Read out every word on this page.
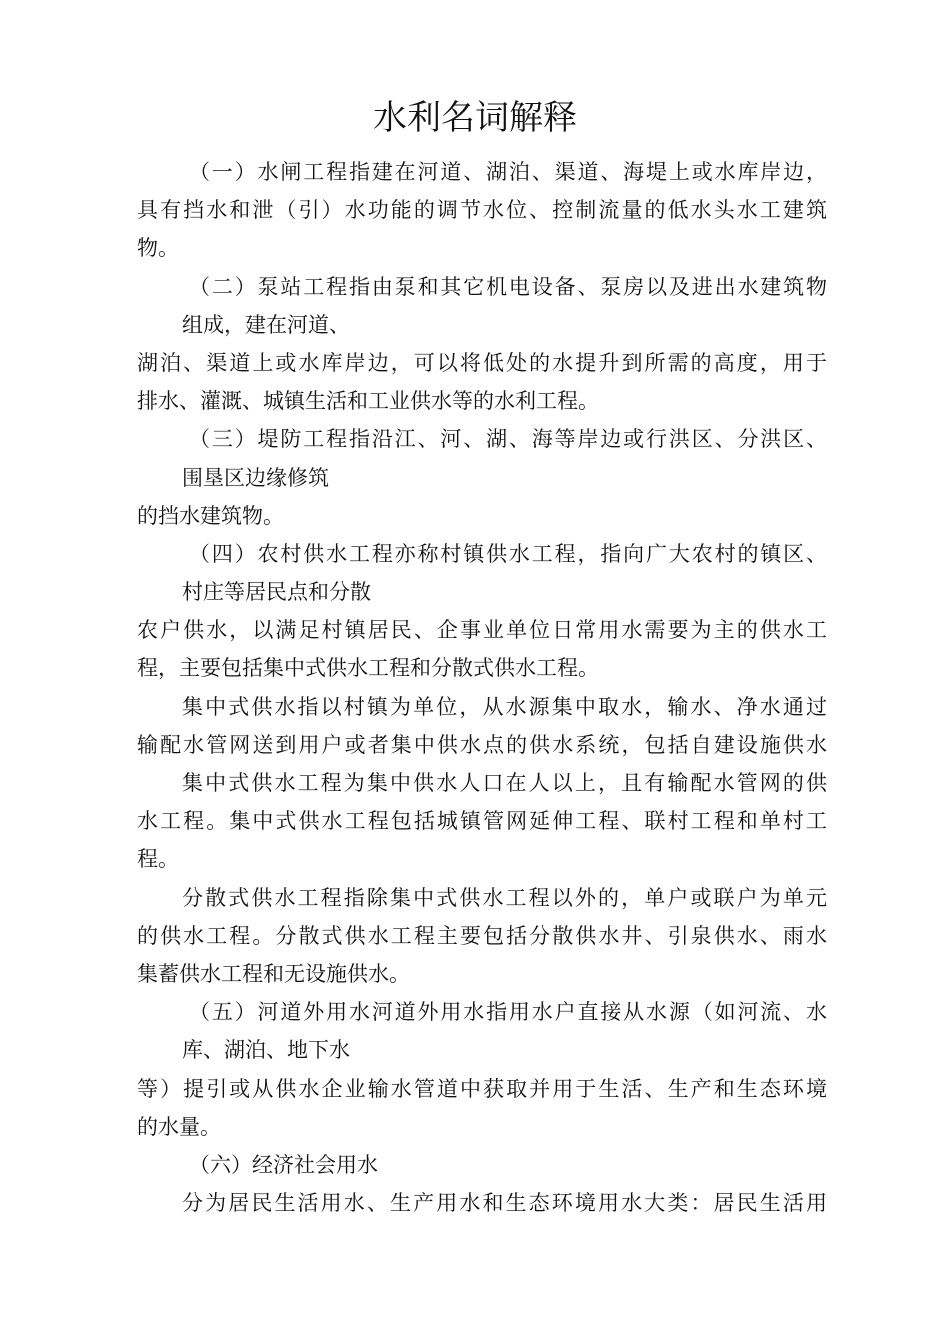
水利名词解释
（一）水闸工程指建在河道、湖泊、渠道、海堤上或水库岸边，
具有挡水和泄（引）水功能的调节水位、控制流量的低水头水工建筑
物。
（二）泵站工程指由泵和其它机电设备、泵房以及进出水建筑物
组成，建在河道、
湖泊、渠道上或水库岸边，可以将低处的水提升到所需的高度，用于
排水、灌溉、城镇生活和工业供水等的水利工程。
（三）堤防工程指沿江、河、湖、海等岸边或行洪区、分洪区、
围垦区边缘修筑
的挡水建筑物。
（四）农村供水工程亦称村镇供水工程，指向广大农村的镇区、
村庄等居民点和分散
农户供水，以满足村镇居民、企事业单位日常用水需要为主的供水工
程，主要包括集中式供水工程和分散式供水工程。
集中式供水指以村镇为单位，从水源集中取水，输水、净水通过
输配水管网送到用户或者集中供水点的供水系统，包括自建设施供水
集中式供水工程为集中供水人口在人以上，且有输配水管网的供
水工程。集中式供水工程包括城镇管网延伸工程、联村工程和单村工
程。
分散式供水工程指除集中式供水工程以外的，单户或联户为单元
的供水工程。分散式供水工程主要包括分散供水井、引泉供水、雨水
集蓄供水工程和无设施供水。
（五）河道外用水河道外用水指用水户直接从水源（如河流、水
库、湖泊、地下水
等）提引或从供水企业输水管道中获取并用于生活、生产和生态环境
的水量。
（六）经济社会用水
分为居民生活用水、生产用水和生态环境用水大类：居民生活用
